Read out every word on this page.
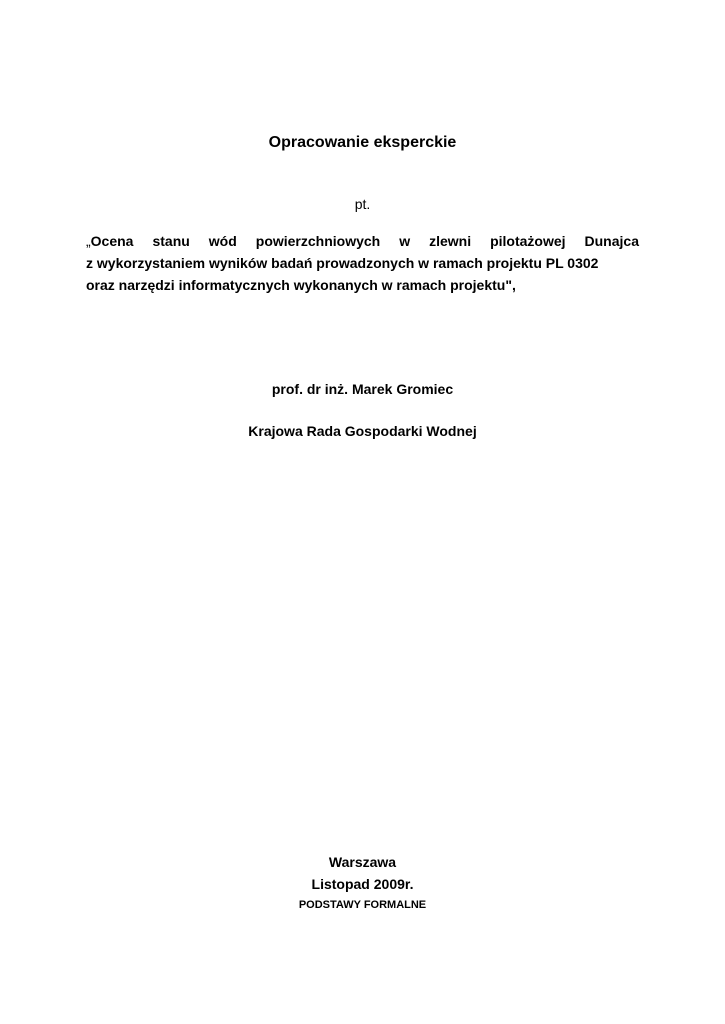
Opracowanie eksperckie
pt.
„Ocena stanu wód powierzchniowych w zlewni pilotażowej Dunajca
z wykorzystaniem wyników badań prowadzonych w ramach projektu PL 0302
oraz narzędzi informatycznych wykonanych w ramach projektu",
prof. dr inż. Marek Gromiec
Krajowa Rada Gospodarki Wodnej
Warszawa
Listopad 2009r.
PODSTAWY FORMALNE
